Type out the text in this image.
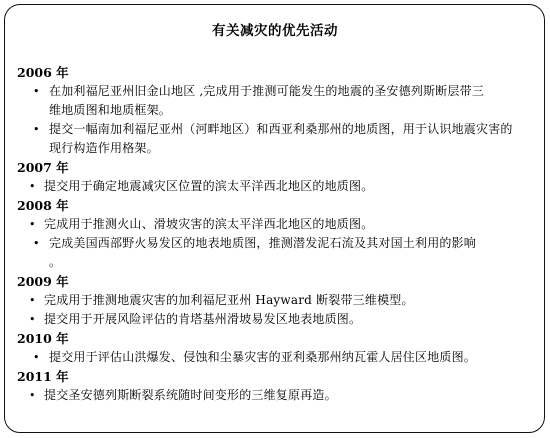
有关减灾的优先活动
2006 年
• 在加利福尼亚州旧金山地区 ,完成用于推测可能发生的地震的圣安德列斯断层带三
维地质图和地质框架。
• 提交一幅南加利福尼亚州（河畔地区）和西亚利桑那州的地质图，用于认识地震灾害的
现行构造作用格架。
2007 年
• 提交用于确定地震减灾区位置的滨太平洋西北地区的地质图。
2008 年
• 完成用于推测火山、滑坡灾害的滨太平洋西北地区的地质图。
• 完成美国西部野火易发区的地表地质图，推测潜发泥石流及其对国土利用的影响
。
2009 年
• 完成用于推测地震灾害的加利福尼亚州 Hayward 断裂带三维模型。
• 提交用于开展风险评估的肯塔基州滑坡易发区地表地质图。
2010 年
• 提交用于评估山洪爆发、侵蚀和尘暴灾害的亚利桑那州纳瓦霍人居住区地质图。
2011 年
• 提交圣安德列斯断裂系统随时间变形的三维复原再造。
